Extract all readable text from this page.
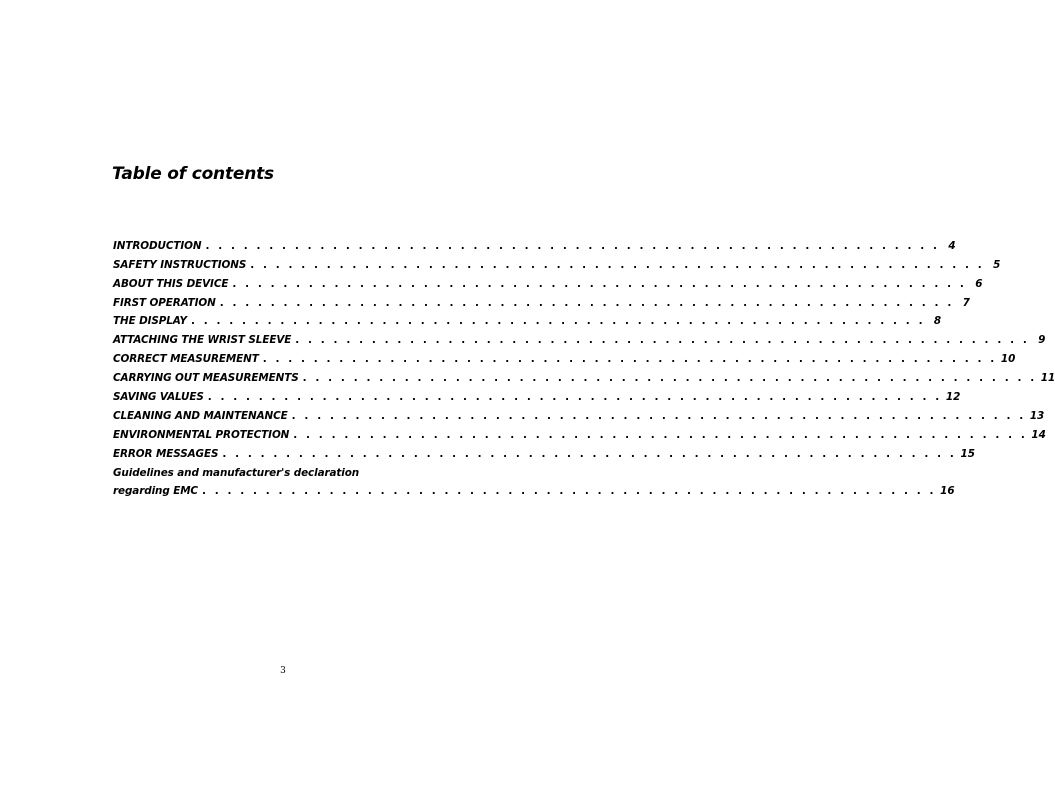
Table of contents
INTRODUCTION . . . . . . . . . . . . . . . . . . . . . . . . . . . . . . . . . . . . . . . . . . . . . . . . . . . . . . . . . . 4
SAFETY INSTRUCTIONS . . . . . . . . . . . . . . . . . . . . . . . . . . . . . . . . . . . . . . . . . . . . . . . . . . . . . . . . . . 5
ABOUT THIS DEVICE . . . . . . . . . . . . . . . . . . . . . . . . . . . . . . . . . . . . . . . . . . . . . . . . . . . . . . . . . . 6
FIRST OPERATION . . . . . . . . . . . . . . . . . . . . . . . . . . . . . . . . . . . . . . . . . . . . . . . . . . . . . . . . . . 7
THE DISPLAY . . . . . . . . . . . . . . . . . . . . . . . . . . . . . . . . . . . . . . . . . . . . . . . . . . . . . . . . . . 8
ATTACHING THE WRIST SLEEVE . . . . . . . . . . . . . . . . . . . . . . . . . . . . . . . . . . . . . . . . . . . . . . . . . . . . . . . . . . 9
CORRECT MEASUREMENT . . . . . . . . . . . . . . . . . . . . . . . . . . . . . . . . . . . . . . . . . . . . . . . . . . . . . . . . . . 10
CARRYING OUT MEASUREMENTS . . . . . . . . . . . . . . . . . . . . . . . . . . . . . . . . . . . . . . . . . . . . . . . . . . . . . . . . . . 11
SAVING VALUES . . . . . . . . . . . . . . . . . . . . . . . . . . . . . . . . . . . . . . . . . . . . . . . . . . . . . . . . . . 12
CLEANING AND MAINTENANCE . . . . . . . . . . . . . . . . . . . . . . . . . . . . . . . . . . . . . . . . . . . . . . . . . . . . . . . . . . 13
ENVIRONMENTAL PROTECTION . . . . . . . . . . . . . . . . . . . . . . . . . . . . . . . . . . . . . . . . . . . . . . . . . . . . . . . . . . 14
ERROR MESSAGES . . . . . . . . . . . . . . . . . . . . . . . . . . . . . . . . . . . . . . . . . . . . . . . . . . . . . . . . . . 15
Guidelines and manufacturer's declaration
regarding EMC . . . . . . . . . . . . . . . . . . . . . . . . . . . . . . . . . . . . . . . . . . . . . . . . . . . . . . . . . . 16
3
